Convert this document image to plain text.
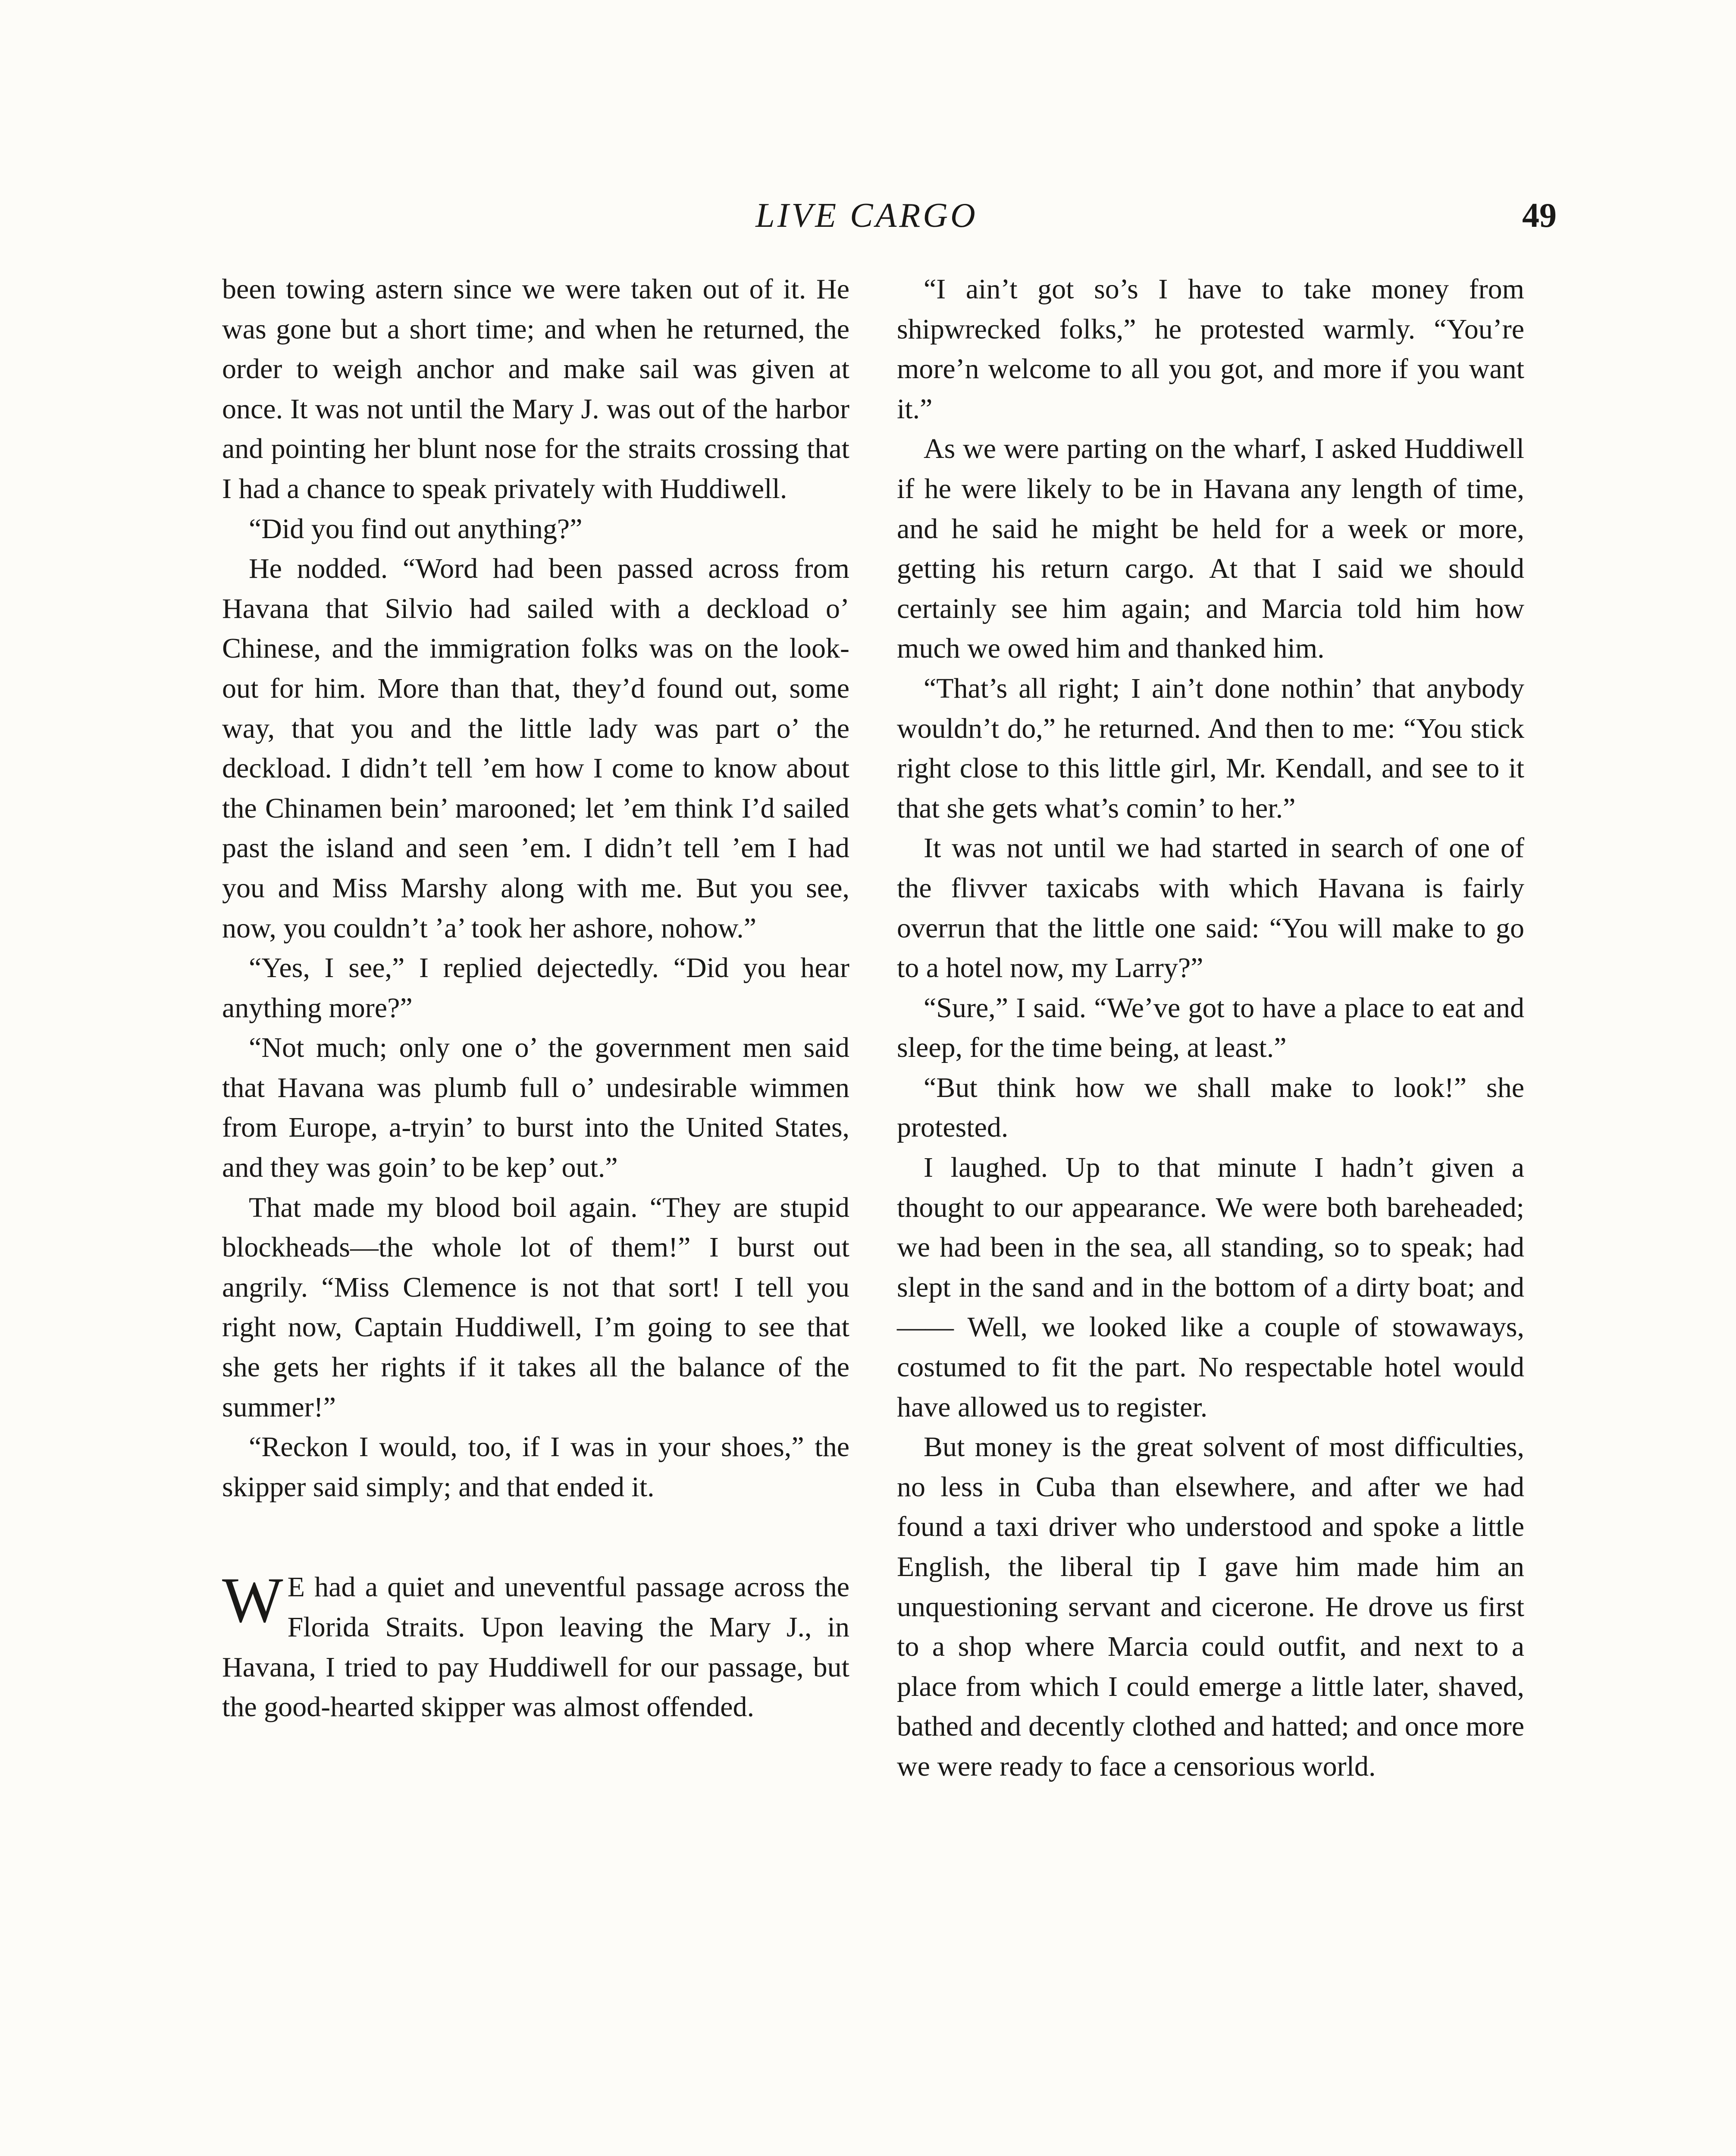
LIVE CARGO	49

been towing astern since we were taken out of it. He was gone but a short time; and when he returned, the order to weigh anchor and make sail was given at once. It was not until the Mary J. was out of the harbor and pointing her blunt nose for the straits crossing that I had a chance to speak privately with Huddiwell.

“Did you find out anything?”

He nodded. “Word had been passed across from Havana that Silvio had sailed with a deckload o’ Chinese, and the immigration folks was on the look-out for him. More than that, they’d found out, some way, that you and the little lady was part o’ the deckload. I didn’t tell ’em how I come to know about the Chinamen bein’ marooned; let ’em think I’d sailed past the island and seen ’em. I didn’t tell ’em I had you and Miss Marshy along with me. But you see, now, you couldn’t ’a’ took her ashore, nohow.”

“Yes, I see,” I replied dejectedly. “Did you hear anything more?”

“Not much; only one o’ the government men said that Havana was plumb full o’ undesirable wimmen from Europe, a-tryin’ to burst into the United States, and they was goin’ to be kep’ out.”

That made my blood boil again. “They are stupid blockheads—the whole lot of them!” I burst out angrily. “Miss Clemence is not that sort! I tell you right now, Captain Huddiwell, I’m going to see that she gets her rights if it takes all the balance of the summer!”

“Reckon I would, too, if I was in your shoes,” the skipper said simply; and that ended it.

W E had a quiet and uneventful passage across the Florida Straits. Upon leaving the Mary J., in Havana, I tried to pay Huddiwell for our passage, but the good-hearted skipper was almost offended.

“I ain’t got so’s I have to take money from shipwrecked folks,” he protested warmly. “You’re more’n welcome to all you got, and more if you want it.”

As we were parting on the wharf, I asked Huddiwell if he were likely to be in Havana any length of time, and he said he might be held for a week or more, getting his return cargo. At that I said we should certainly see him again; and Marcia told him how much we owed him and thanked him.

“That’s all right; I ain’t done nothin’ that anybody wouldn’t do,” he returned. And then to me: “You stick right close to this little girl, Mr. Kendall, and see to it that she gets what’s comin’ to her.”

It was not until we had started in search of one of the flivver taxicabs with which Havana is fairly overrun that the little one said: “You will make to go to a hotel now, my Larry?”

“Sure,” I said. “We’ve got to have a place to eat and sleep, for the time being, at least.”

“But think how we shall make to look!” she protested.

I laughed. Up to that minute I hadn’t given a thought to our appearance. We were both bareheaded; we had been in the sea, all standing, so to speak; had slept in the sand and in the bottom of a dirty boat; and—— Well, we looked like a couple of stowaways, costumed to fit the part. No respectable hotel would have allowed us to register.

But money is the great solvent of most difficulties, no less in Cuba than elsewhere, and after we had found a taxi driver who understood and spoke a little English, the liberal tip I gave him made him an unquestioning servant and cicerone. He drove us first to a shop where Marcia could outfit, and next to a place from which I could emerge a little later, shaved, bathed and decently clothed and hatted; and once more we were ready to face a censorious world.
